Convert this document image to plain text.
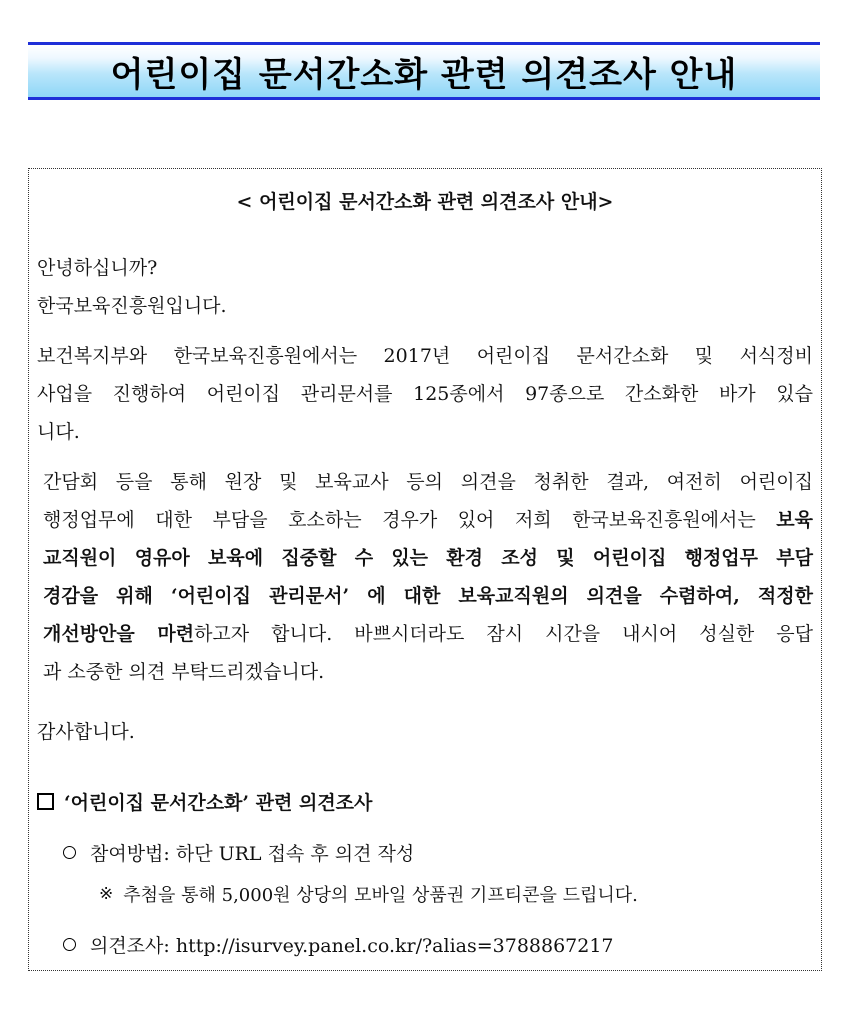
어린이집 문서간소화 관련 의견조사 안내
< 어린이집 문서간소화 관련 의견조사 안내>

안녕하십니까?

한국보육진흥원입니다.

보건복지부와 한국보육진흥원에서는 2017년 어린이집 문서간소화 및 서식정비
사업을 진행하여 어린이집 관리문서를 125종에서 97종으로 간소화한 바가 있습
니다.
간담회 등을 통해 원장 및 보육교사 등의 의견을 청취한 결과, 여전히 어린이집
행정업무에 대한 부담을 호소하는 경우가 있어 저희 한국보육진흥원에서는 보육
교직원이 영유아 보육에 집중할 수 있는 환경 조성 및 어린이집 행정업무 부담
경감을 위해 ‘어린이집 관리문서’ 에 대한 보육교직원의 의견을 수렴하여, 적정한
개선방안을 마련하고자 합니다. 바쁘시더라도 잠시 시간을 내시어 성실한 응답
과 소중한 의견 부탁드리겠습니다.

감사합니다.

‘어린이집 문서간소화’ 관련 의견조사
참여방법: 하단 URL 접속 후 의견 작성
※ 추첨을 통해 5,000원 상당의 모바일 상품권 기프티콘을 드립니다.
의견조사: http://isurvey.panel.co.kr/?alias=3788867217
